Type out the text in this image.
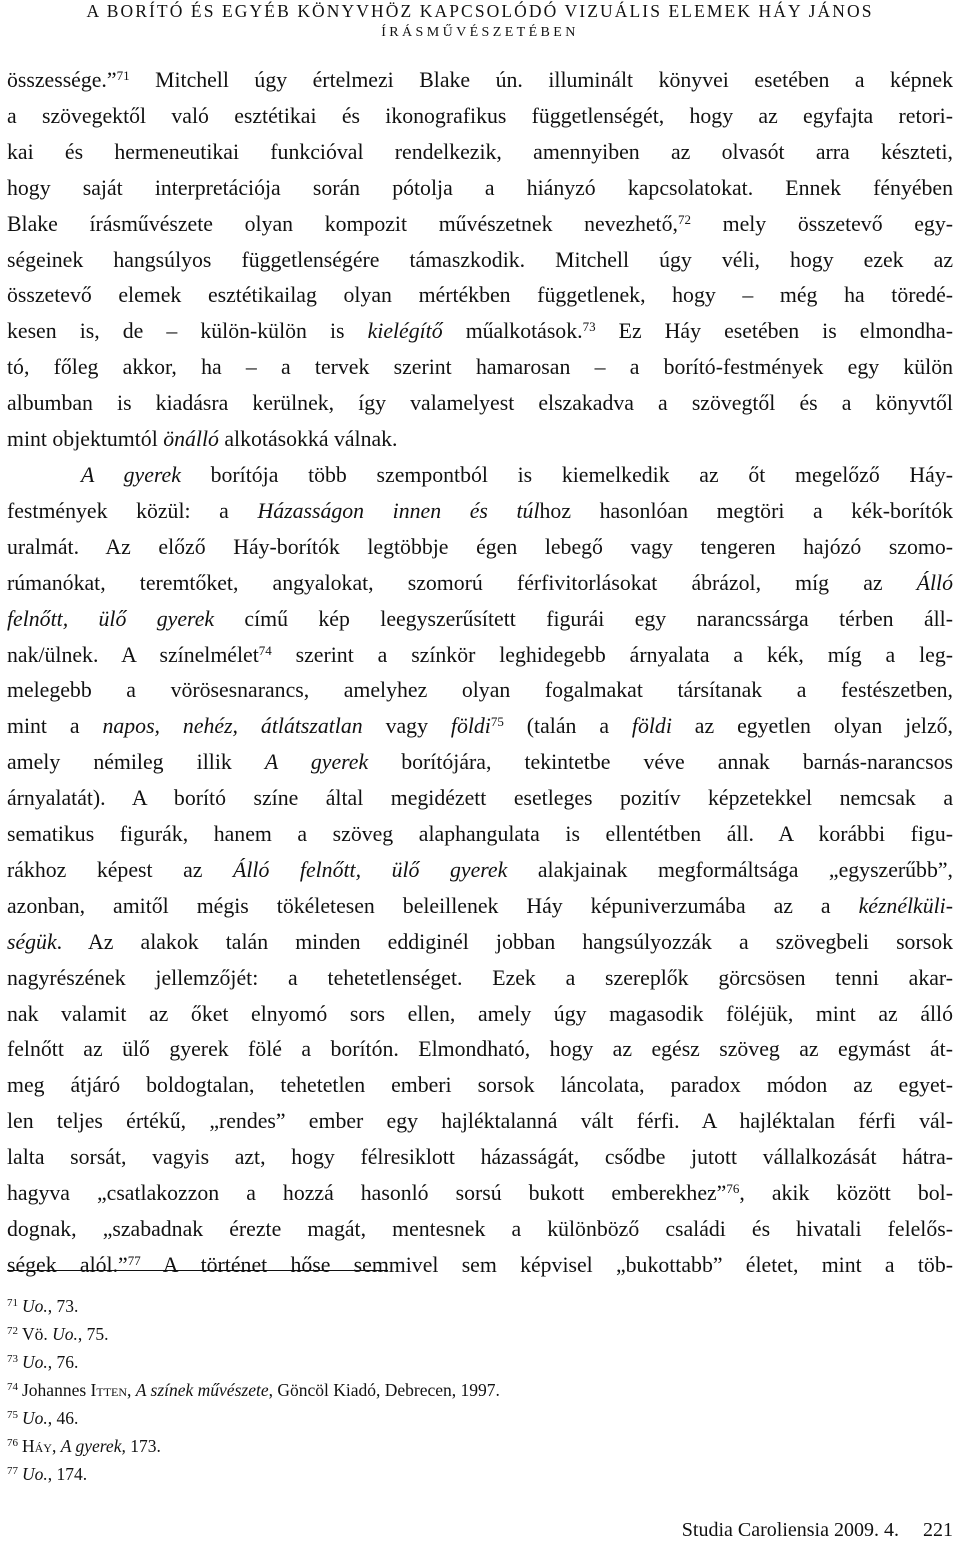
A BORÍTÓ ÉS EGYÉB KÖNYVHÖZ KAPCSOLÓDÓ VIZUÁLIS ELEMEK HÁY JÁNOS
ÍRÁSMŰVÉSZETÉBEN
összessége.”$^{71}$ Mitchell úgy értelmezi Blake ún. illuminált könyvei esetében a képnek
a szövegektől való esztétikai és ikonografikus függetlenségét, hogy az egyfajta retori-
kai és hermeneutikai funkcióval rendelkezik, amennyiben az olvasót arra készteti,
hogy saját interpretációja során pótolja a hiányzó kapcsolatokat. Ennek fényében
Blake írásművészete olyan kompozit művészetnek nevezhető,$^{72}$ mely összetevő egy-
ségeinek hangsúlyos függetlenségére támaszkodik. Mitchell úgy véli, hogy ezek az
összetevő elemek esztétikailag olyan mértékben függetlenek, hogy – még ha töredé-
kesen is, de – külön-külön is kielégítő műalkotások.$^{73}$ Ez Háy esetében is elmondha-
tó, főleg akkor, ha – a tervek szerint hamarosan – a borító-festmények egy külön
albumban is kiadásra kerülnek, így valamelyest elszakadva a szövegtől és a könyvtől
mint objektumtól önálló alkotásokká válnak.
A gyerek borítója több szempontból is kiemelkedik az őt megelőző Háy-
festmények közül: a Házasságon innen és túlhoz hasonlóan megtöri a kék-borítók
uralmát. Az előző Háy-borítók legtöbbje égen lebegő vagy tengeren hajózó szomo-
rúmanókat, teremtőket, angyalokat, szomorú férfivitorlásokat ábrázol, míg az Álló
felnőtt, ülő gyerek című kép leegyszerűsített figurái egy narancssárga térben áll-
nak/ülnek. A színelmélet$^{74}$ szerint a színkör leghidegebb árnyalata a kék, míg a leg-
melegebb a vörösesnarancs, amelyhez olyan fogalmakat társítanak a festészetben,
mint a napos, nehéz, átlátszatlan vagy földi$^{75}$ (talán a földi az egyetlen olyan jelző,
amely némileg illik A gyerek borítójára, tekintetbe véve annak barnás-narancsos
árnyalatát). A borító színe által megidézett esetleges pozitív képzetekkel nemcsak a
sematikus figurák, hanem a szöveg alaphangulata is ellentétben áll. A korábbi figu-
rákhoz képest az Álló felnőtt, ülő gyerek alakjainak megformáltsága „egyszerűbb”,
azonban, amitől mégis tökéletesen beleillenek Háy képuniverzumába az a kéznélküli-
ségük. Az alakok talán minden eddiginél jobban hangsúlyozzák a szövegbeli sorsok
nagyrészének jellemzőjét: a tehetetlenséget. Ezek a szereplők görcsösen tenni akar-
nak valamit az őket elnyomó sors ellen, amely úgy magasodik föléjük, mint az álló
felnőtt az ülő gyerek fölé a borítón. Elmondható, hogy az egész szöveg az egymást át-
meg átjáró boldogtalan, tehetetlen emberi sorsok láncolata, paradox módon az egyet-
len teljes értékű, „rendes” ember egy hajléktalanná vált férfi. A hajléktalan férfi vál-
lalta sorsát, vagyis azt, hogy félresiklott házasságát, csődbe jutott vállalkozását hátra-
hagyva „csatlakozzon a hozzá hasonló sorsú bukott emberekhez”$^{76}$, akik között bol-
dognak, „szabadnak érezte magát, mentesnek a különböző családi és hivatali felelős-
ségek alól.”$^{77}$ A történet hőse semmivel sem képvisel „bukottabb” életet, mint a töb-
$^{71}$ Uo., 73.
$^{72}$ Vö. Uo., 75.
$^{73}$ Uo., 76.
$^{74}$ Johannes Itten, A színek művészete, Göncöl Kiadó, Debrecen, 1997.
$^{75}$ Uo., 46.
$^{76}$ Háy, A gyerek, 173.
$^{77}$ Uo., 174.
Studia Caroliensia 2009. 4. 221
